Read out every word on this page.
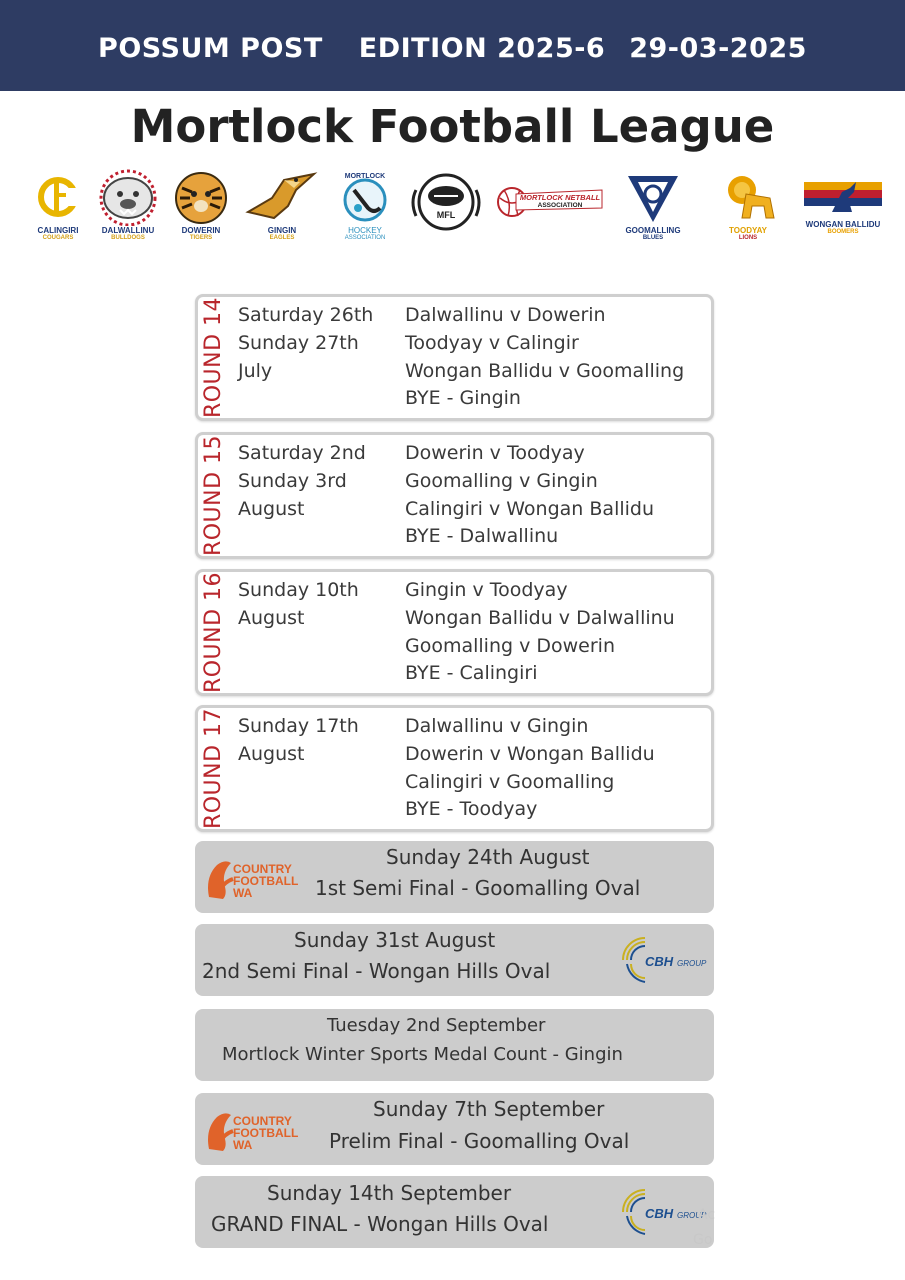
POSSUM POST EDITION 2025-6 29-03-2025
Mortlock Football League
CALINGIRI
COUGARS
DALWALLINU
BULLDOGS
DOWERIN
TIGERS
GINGIN
EAGLES
MORTLOCK
HOCKEY
ASSOCIATION
MFL
MORTLOCK NETBALL
ASSOCIATION
GOOMALLING
BLUES
TOODYAY
LIONS
WONGAN BALLIDU
BOOMERS
ROUND 14 Saturday 26th
Sunday 27th
July
Dalwallinu v Dowerin
Toodyay v Calingir
Wongan Ballidu v Goomalling
BYE - Gingin
ROUND 15 Saturday 2nd
Sunday 3rd
August
Dowerin v Toodyay
Goomalling v Gingin
Calingiri v Wongan Ballidu
BYE - Dalwallinu
ROUND 16 Sunday 10th
August
Gingin v Toodyay
Wongan Ballidu v Dalwallinu
Goomalling v Dowerin
BYE - Calingiri
ROUND 17 Sunday 17th
August
Dalwallinu v Gingin
Dowerin v Wongan Ballidu
Calingiri v Goomalling
BYE - Toodyay
COUNTRY
FOOTBALL
WA
Sunday 24th August
1st Semi Final - Goomalling Oval
Sunday 31st August
2nd Semi Final - Wongan Hills Oval	CBH GROUP
Tuesday 2nd September
Mortlock Winter Sports Medal Count - Gingin
COUNTRY
FOOTBALL
WA
Sunday 7th September
Prelim Final - Goomalling Oval
Sunday 14th September
GRAND FINAL - Wongan Hills Oval	CBH GROUP
Ac
Go
